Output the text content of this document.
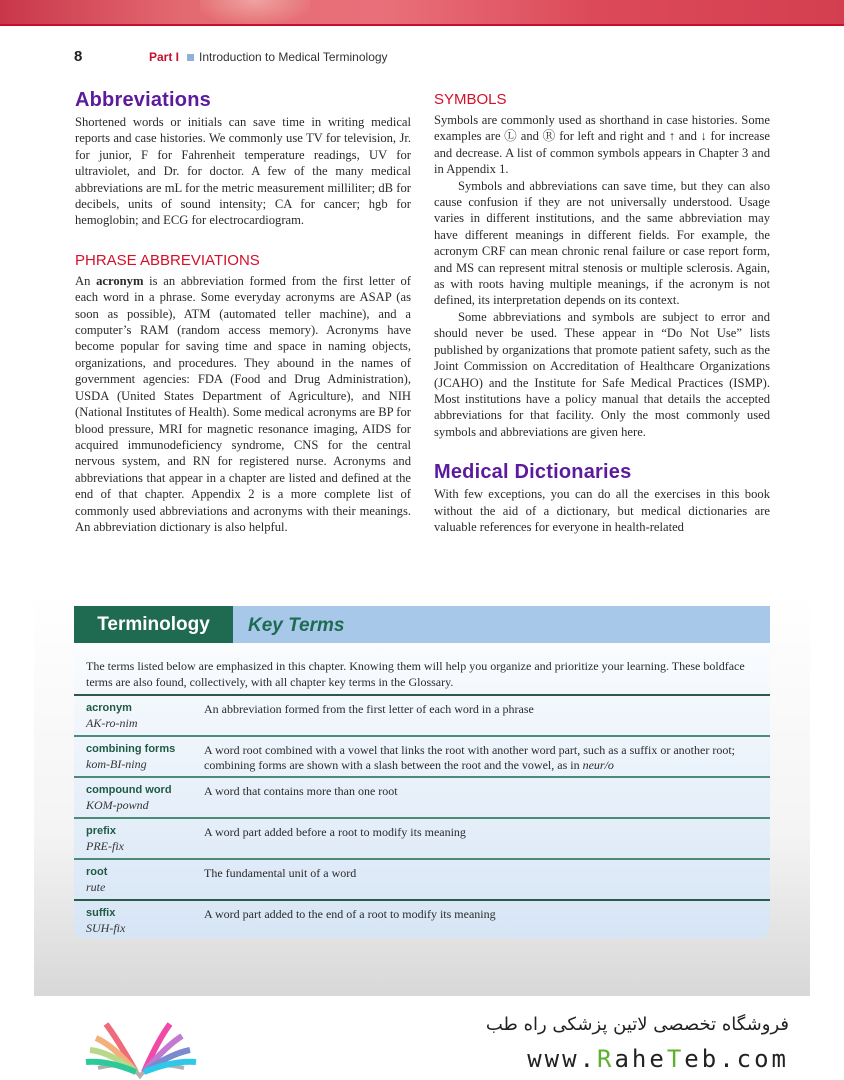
8	Part I Introduction to Medical Terminology
Abbreviations

Shortened words or initials can save time in writing medical reports and case histories. We commonly use TV for television, Jr. for junior, F for Fahrenheit temperature readings, UV for ultraviolet, and Dr. for doctor. A few of the many medical abbreviations are mL for the metric measurement milliliter; dB for decibels, units of sound intensity; CA for cancer; hgb for hemoglobin; and ECG for electrocardiogram.

PHRASE ABBREVIATIONS

An acronym is an abbreviation formed from the first letter of each word in a phrase. Some everyday acronyms are ASAP (as soon as possible), ATM (automated teller machine), and a computer’s RAM (random access memory). Acronyms have become popular for saving time and space in naming objects, organizations, and procedures. They abound in the names of government agencies: FDA (Food and Drug Administration), USDA (United States Department of Agriculture), and NIH (National Institutes of Health). Some medical acronyms are BP for blood pressure, MRI for magnetic resonance imaging, AIDS for acquired immunodeficiency syndrome, CNS for the central nervous system, and RN for registered nurse. Acronyms and abbreviations that appear in a chapter are listed and defined at the end of that chapter. Appendix 2 is a more complete list of commonly used abbreviations and acronyms with their meanings. An abbreviation dictionary is also helpful.

SYMBOLS

Symbols are commonly used as shorthand in case histories. Some examples are Ⓛ and Ⓡ for left and right and ↑ and ↓ for increase and decrease. A list of common symbols appears in Chapter 3 and in Appendix 1.

Symbols and abbreviations can save time, but they can also cause confusion if they are not universally understood. Usage varies in different institutions, and the same abbreviation may have different meanings in different fields. For example, the acronym CRF can mean chronic renal failure or case report form, and MS can represent mitral stenosis or multiple sclerosis. Again, as with roots having multiple meanings, if the acronym is not defined, its interpretation depends on its context.

Some abbreviations and symbols are subject to error and should never be used. These appear in “Do Not Use” lists published by organizations that promote patient safety, such as the Joint Commission on Accreditation of Healthcare Organizations (JCAHO) and the Institute for Safe Medical Practices (ISMP). Most institutions have a policy manual that details the accepted abbreviations for that facility. Only the most commonly used symbols and abbreviations are given here.

Medical Dictionaries

With few exceptions, you can do all the exercises in this book without the aid of a dictionary, but medical dictionaries are valuable references for everyone in health-related

Terminology	Key Terms
The terms listed below are emphasized in this chapter. Knowing them will help you organize and prioritize your learning. These boldface terms are also found, collectively, with all chapter key terms in the Glossary.
acronym
AK-ro-nim
An abbreviation formed from the first letter of each word in a phrase
combining forms
kom-BI-ning
A word root combined with a vowel that links the root with another word part, such as a suffix or another root; combining forms are shown with a slash between the root and the vowel, as in neur/o
compound word
KOM-pownd
A word that contains more than one root
prefix
PRE-fix
A word part added before a root to modify its meaning
root
rute
The fundamental unit of a word
suffix
SUH-fix
A word part added to the end of a root to modify its meaning
فروشگاه تخصصی لاتین پزشکی راه طب
www.RaheTeb.com
